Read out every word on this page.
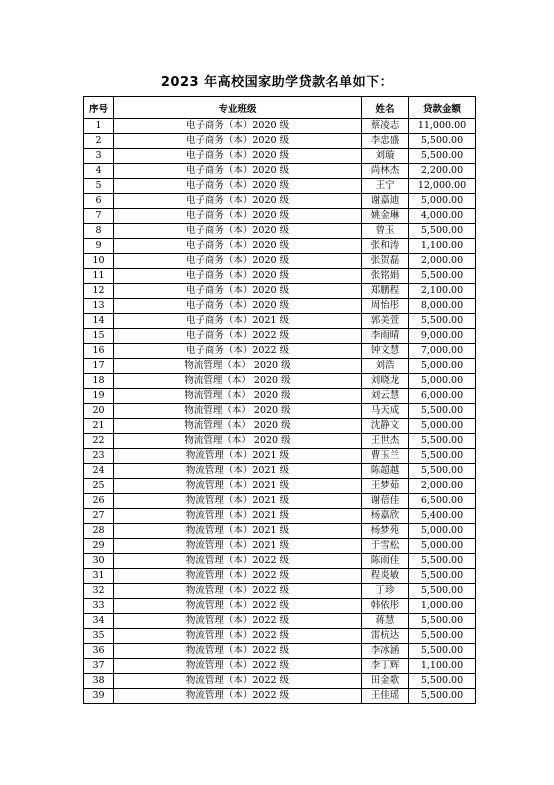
2023 年高校国家助学贷款名单如下：
序号	专业班级	姓名	贷款金额
1	电子商务（本）2020 级	蔡凌志	11,000.00
2	电子商务（本）2020 级	李忠盛	5,500.00
3	电子商务（本）2020 级	刘璇	5,500.00
4	电子商务（本）2020 级	尚林杰	2,200.00
5	电子商务（本）2020 级	王宁	12,000.00
6	电子商务（本）2020 级	谢嘉迪	5,000.00
7	电子商务（本）2020 级	姚金琳	4,000.00
8	电子商务（本）2020 级	曾玉	5,500.00
9	电子商务（本）2020 级	张和涛	1,100.00
10	电子商务（本）2020 级	张贺磊	2,000.00
11	电子商务（本）2020 级	张铭娟	5,500.00
12	电子商务（本）2020 级	郑鹏程	2,100.00
13	电子商务（本）2020 级	周怡彤	8,000.00
14	电子商务（本）2021 级	郭美萱	5,500.00
15	电子商务（本）2022 级	李雨晴	9,000.00
16	电子商务（本）2022 级	钟文慧	7,000.00
17	物流管理（本） 2020 级	刘浩	5,000.00
18	物流管理（本） 2020 级	刘晓龙	5,000.00
19	物流管理（本） 2020 级	刘云慧	6,000.00
20	物流管理（本） 2020 级	马天成	5,500.00
21	物流管理（本） 2020 级	沈静文	5,000.00
22	物流管理（本） 2020 级	王世杰	5,500.00
23	物流管理（本）2021 级	曹玉兰	5,500.00
24	物流管理（本）2021 级	陈超越	5,500.00
25	物流管理（本）2021 级	王梦茹	2,000.00
26	物流管理（本）2021 级	谢蓓佳	6,500.00
27	物流管理（本）2021 级	杨嘉欣	5,400.00
28	物流管理（本）2021 级	杨梦苑	5,000.00
29	物流管理（本）2021 级	于雪松	5,000.00
30	物流管理（本）2022 级	陈雨佳	5,500.00
31	物流管理（本）2022 级	程炎敏	5,500.00
32	物流管理（本）2022 级	丁珍	5,500.00
33	物流管理（本）2022 级	韩依彤	1,000.00
34	物流管理（本）2022 级	蒋慧	5,500.00
35	物流管理（本）2022 级	雷杭达	5,500.00
36	物流管理（本）2022 级	李冰涵	5,500.00
37	物流管理（本）2022 级	李丁辉	1,100.00
38	物流管理（本）2022 级	田金歌	5,500.00
39	物流管理（本）2022 级	王佳瑶	5,500.00
